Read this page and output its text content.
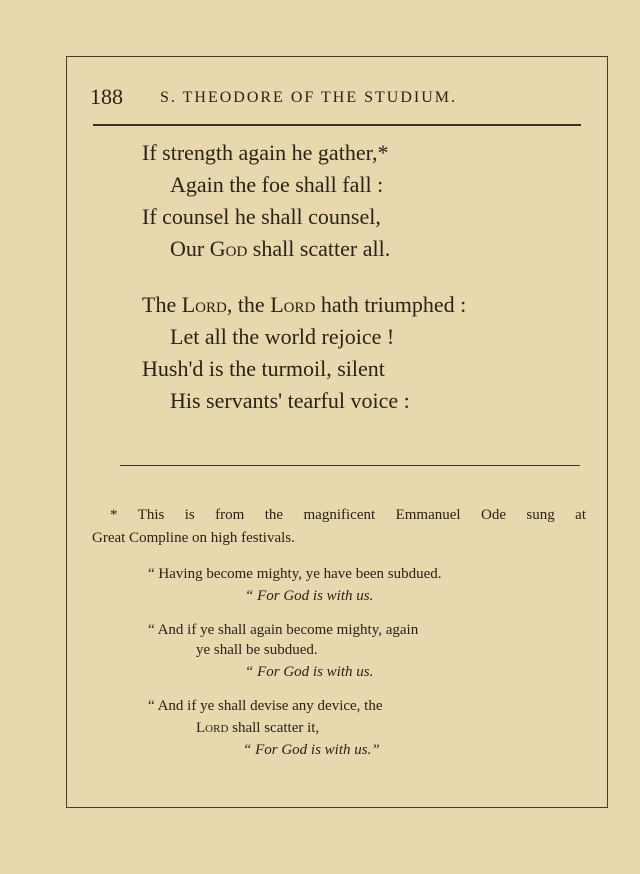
188 S. THEODORE OF THE STUDIUM.
If strength again he gather,*
Again the foe shall fall :
If counsel he shall counsel,
Our God shall scatter all.
The Lord, the Lord hath triumphed :
Let all the world rejoice !
Hush'd is the turmoil, silent
His servants' tearful voice :
* This is from the magnificent Emmanuel Ode sung at
Great Compline on high festivals.
“ Having become mighty, ye have been subdued.
“ For God is with us.
“ And if ye shall again become mighty, again
ye shall be subdued.
“ For God is with us.
“ And if ye shall devise any device, the
Lord shall scatter it,
“ For God is with us.”
